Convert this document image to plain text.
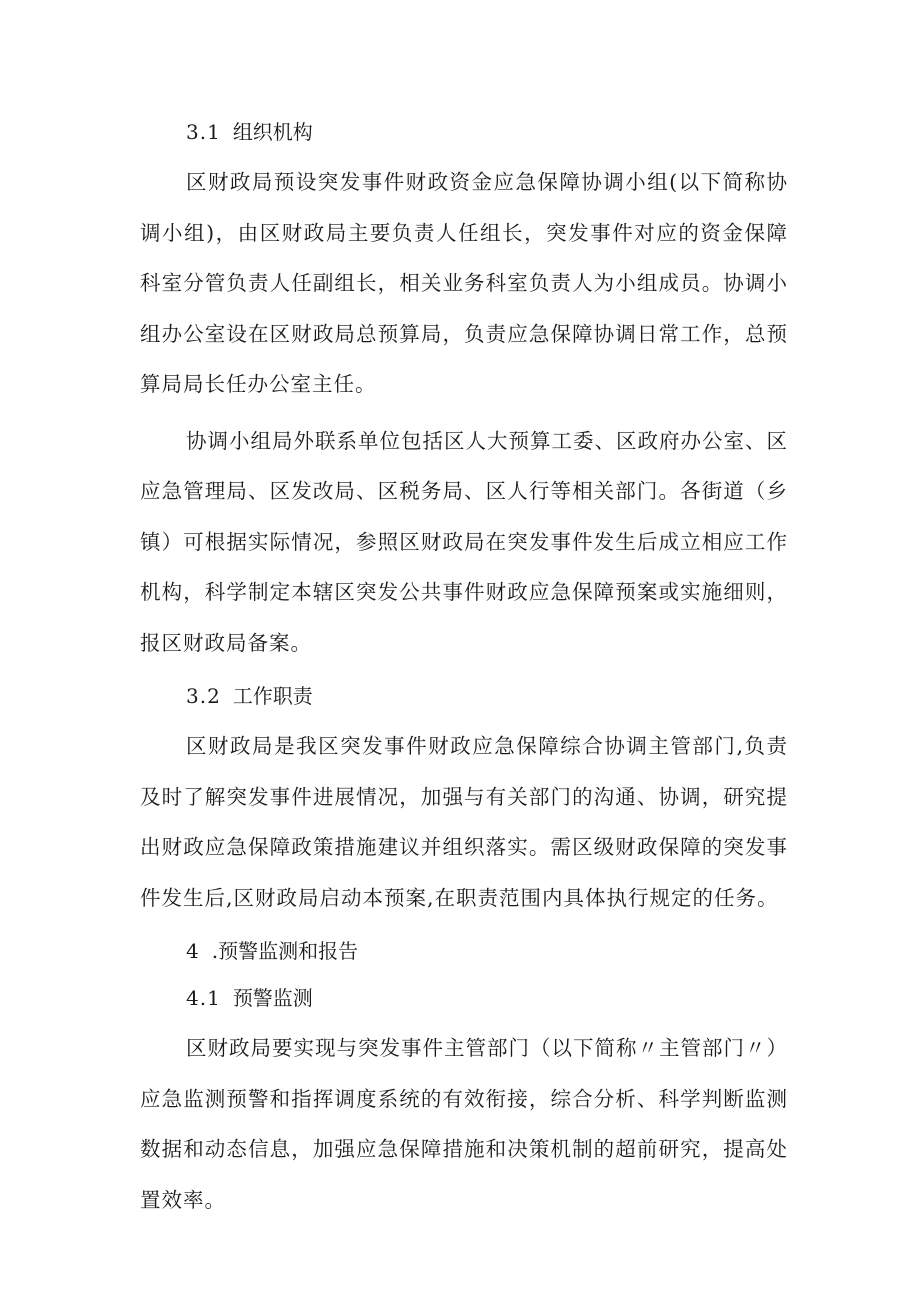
3.1 组织机构

区财政局预设突发事件财政资金应急保障协调小组(以下简称协调小组)，由区财政局主要负责人任组长，突发事件对应的资金保障科室分管负责人任副组长，相关业务科室负责人为小组成员。协调小组办公室设在区财政局总预算局，负责应急保障协调日常工作，总预算局局长任办公室主任。

协调小组局外联系单位包括区人大预算工委、区政府办公室、区应急管理局、区发改局、区税务局、区人行等相关部门。各街道（乡镇）可根据实际情况，参照区财政局在突发事件发生后成立相应工作机构，科学制定本辖区突发公共事件财政应急保障预案或实施细则，报区财政局备案。

3.2 工作职责

区财政局是我区突发事件财政应急保障综合协调主管部门,负责及时了解突发事件进展情况，加强与有关部门的沟通、协调，研究提出财政应急保障政策措施建议并组织落实。需区级财政保障的突发事件发生后,区财政局启动本预案,在职责范围内具体执行规定的任务。

4 .预警监测和报告
4.1 预警监测

区财政局要实现与突发事件主管部门（以下简称〃主管部门〃）应急监测预警和指挥调度系统的有效衔接，综合分析、科学判断监测数据和动态信息，加强应急保障措施和决策机制的超前研究，提高处置效率。
